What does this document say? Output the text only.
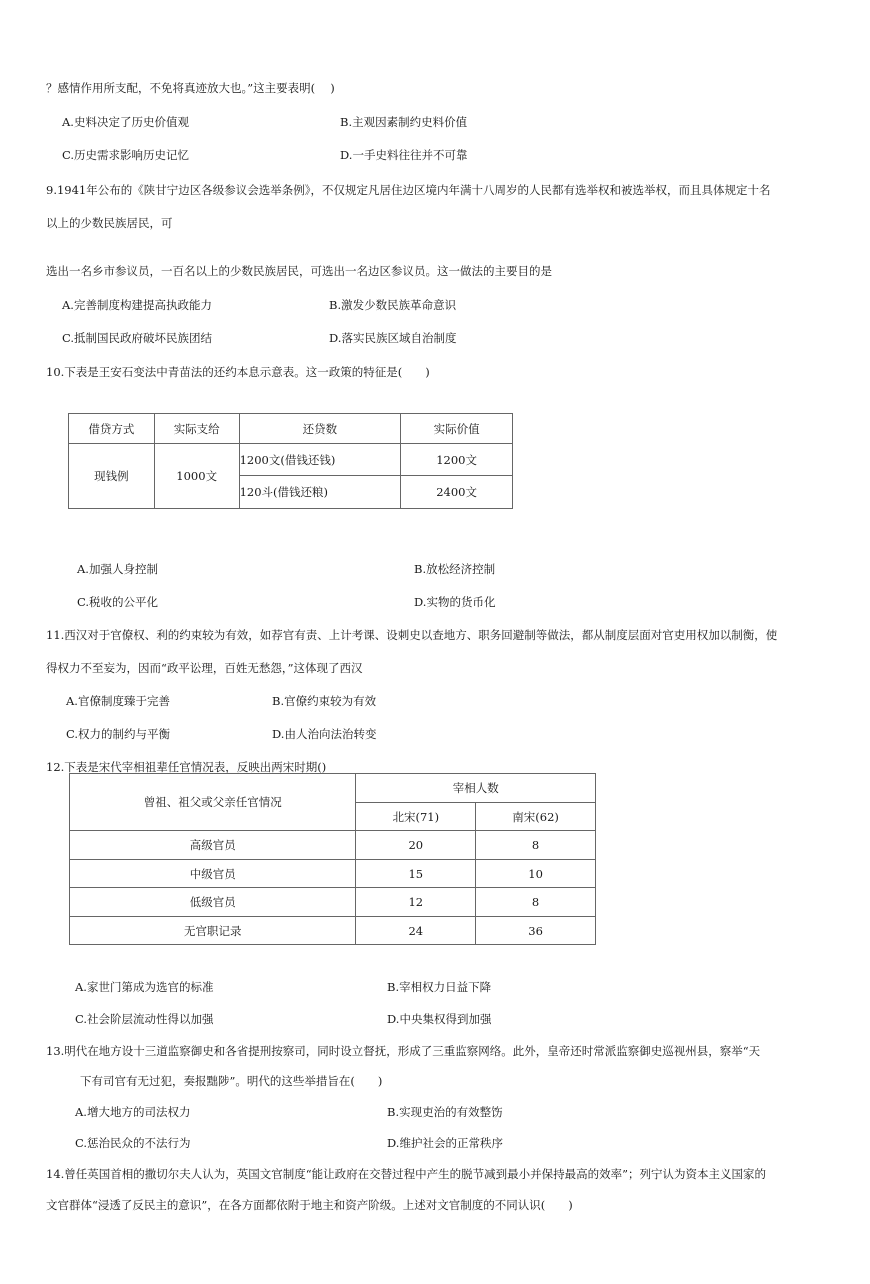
？感情作用所支配，不免将真迹放大也。”这主要表明(　 )
A.史料决定了历史价值观	B.主观因素制约史料价值
C.历史需求影响历史记忆	D.一手史料往往并不可靠
9.1941年公布的《陕甘宁边区各级参议会选举条例》，不仅规定凡居住边区境内年满十八周岁的人民都有选举权和被选举权，而且具体规定十名
以上的少数民族居民，可
选出一名乡市参议员，一百名以上的少数民族居民，可选出一名边区参议员。这一做法的主要目的是
A.完善制度构建提高执政能力	B.激发少数民族革命意识
C.抵制国民政府破坏民族团结	D.落实民族区域自治制度
10.下表是王安石变法中青苗法的还约本息示意表。这一政策的特征是(　　)
借贷方式	实际支给	还贷数	实际价值
现钱例	1000文	1200文(借钱还钱)	1200文
		120斗(借钱还粮)	2400文
A.加强人身控制	B.放松经济控制
C.税收的公平化	D.实物的货币化
11.西汉对于官僚权、利的约束较为有效，如荐官有责、上计考课、设刺史以查地方、职务回避制等做法，都从制度层面对官吏用权加以制衡，使
得权力不至妄为，因而“政平讼理，百姓无愁怨，”这体现了西汉
A.官僚制度臻于完善	B.官僚约束较为有效
C.权力的制约与平衡	D.由人治向法治转变
12.下表是宋代宰相祖辈任官情况表，反映出两宋时期()
曾祖、祖父或父亲任官情况	宰相人数	
	北宋(71)	南宋(62)
高级官员	20	8
中级官员	15	10
低级官员	12	8
无官职记录	24	36
A.家世门第成为选官的标准	B.宰相权力日益下降
C.社会阶层流动性得以加强	D.中央集权得到加强
13.明代在地方设十三道监察御史和各省提刑按察司，同时设立督抚，形成了三重监察网络。此外，皇帝还时常派监察御史巡视州县，察举“天
下有司官有无过犯，奏报黜陟”。明代的这些举措旨在(　　)
A.增大地方的司法权力	B.实现吏治的有效整饬
C.惩治民众的不法行为	D.维护社会的正常秩序
14.曾任英国首相的撒切尔夫人认为，英国文官制度“能让政府在交替过程中产生的脱节减到最小并保持最高的效率”；列宁认为资本主义国家的
文官群体“浸透了反民主的意识”，在各方面都依附于地主和资产阶级。上述对文官制度的不同认识(　　)
